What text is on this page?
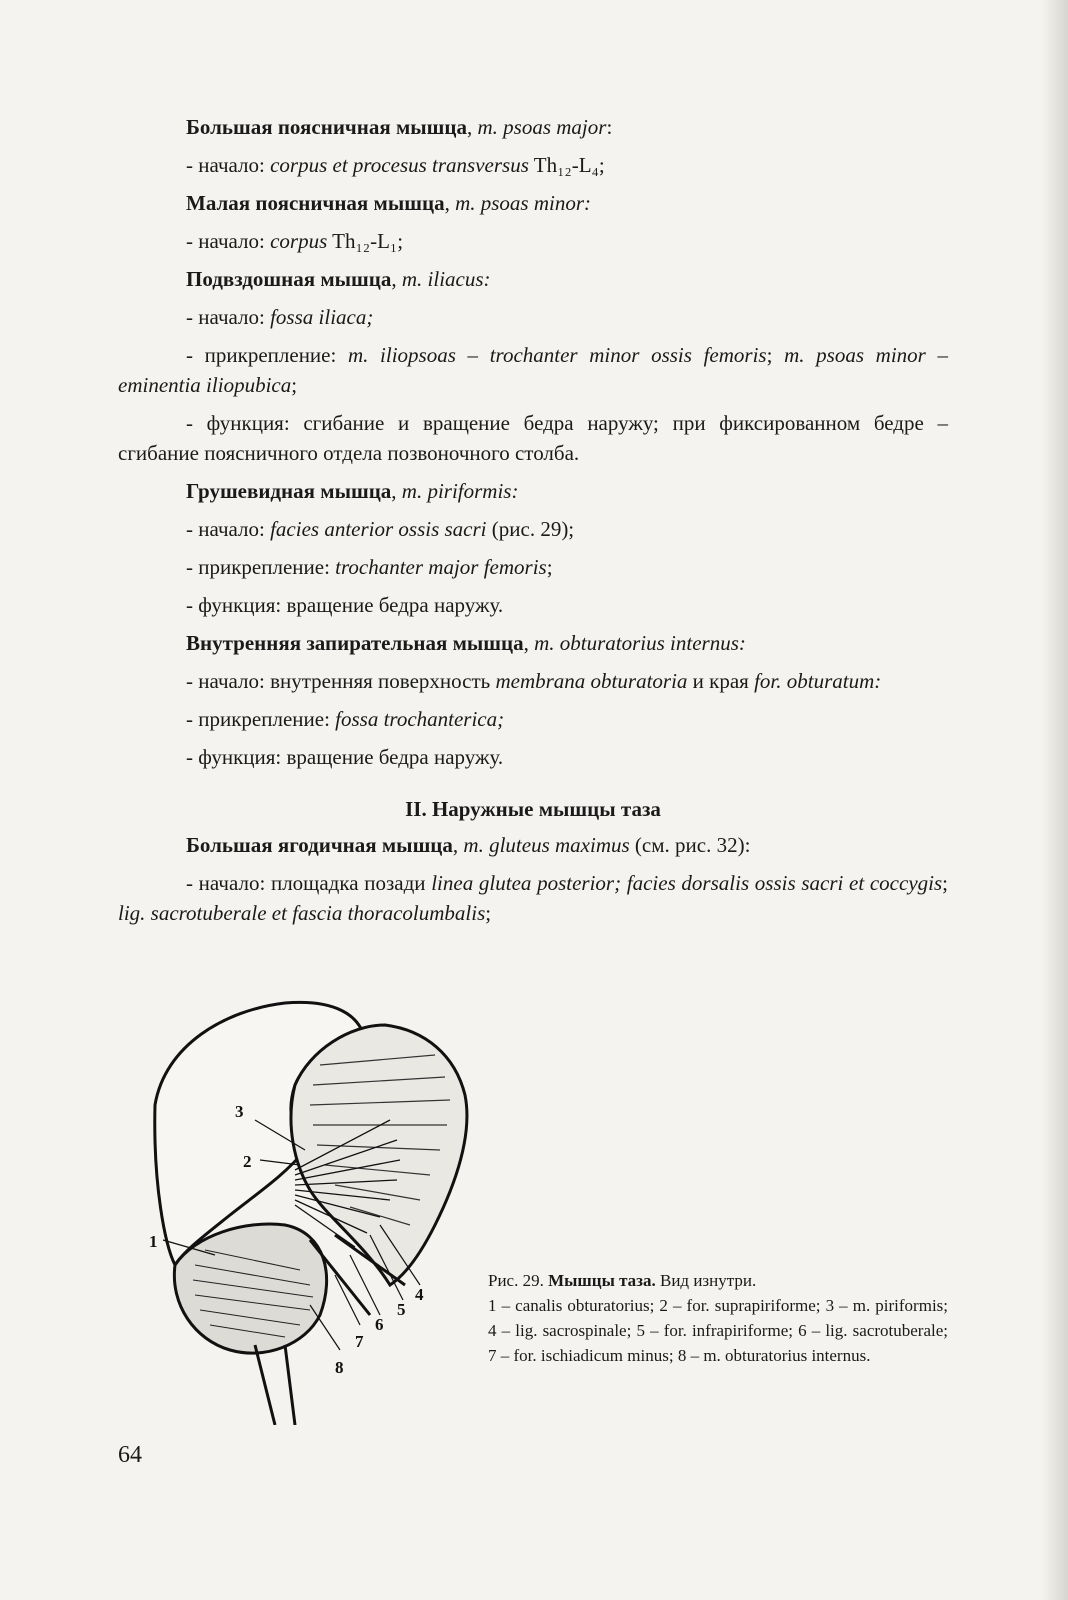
Большая поясничная мышца, m. psoas major:
- начало: corpus et procesus transversus Th₁₂-L₄;
Малая поясничная мышца, m. psoas minor:
- начало: corpus Th₁₂-L₁;
Подвздошная мышца, m. iliacus:
- начало: fossa iliaca;
- прикрепление: m. iliopsoas – trochanter minor ossis femoris; m. psoas minor – eminentia iliopubica;
- функция: сгибание и вращение бедра наружу; при фиксированном бедре – сгибание поясничного отдела позвоночного столба.
Грушевидная мышца, m. piriformis:
- начало: facies anterior ossis sacri (рис. 29);
- прикрепление: trochanter major femoris;
- функция: вращение бедра наружу.
Внутренняя запирательная мышца, m. obturatorius internus:
- начало: внутренняя поверхность membrana obturatoria и края for. obturatum:
- прикрепление: fossa trochanterica;
- функция: вращение бедра наружу.
II. Наружные мышцы таза
Большая ягодичная мышца, m. gluteus maximus (см. рис. 32):
- начало: площадка позади linea glutea posterior; facies dorsalis ossis sacri et coccygis; lig. sacrotuberale et fascia thoracolumbalis;
1
2
3
4
5
6
7
8
Рис. 29. Мышцы таза. Вид изнутри.
1 – canalis obturatorius; 2 – for. suprapiriforme; 3 – m. piriformis; 4 – lig. sacrospinale; 5 – for. infrapiriforme; 6 – lig. sacrotuberale; 7 – for. ischiadicum minus; 8 – m. obturatorius internus.
64
